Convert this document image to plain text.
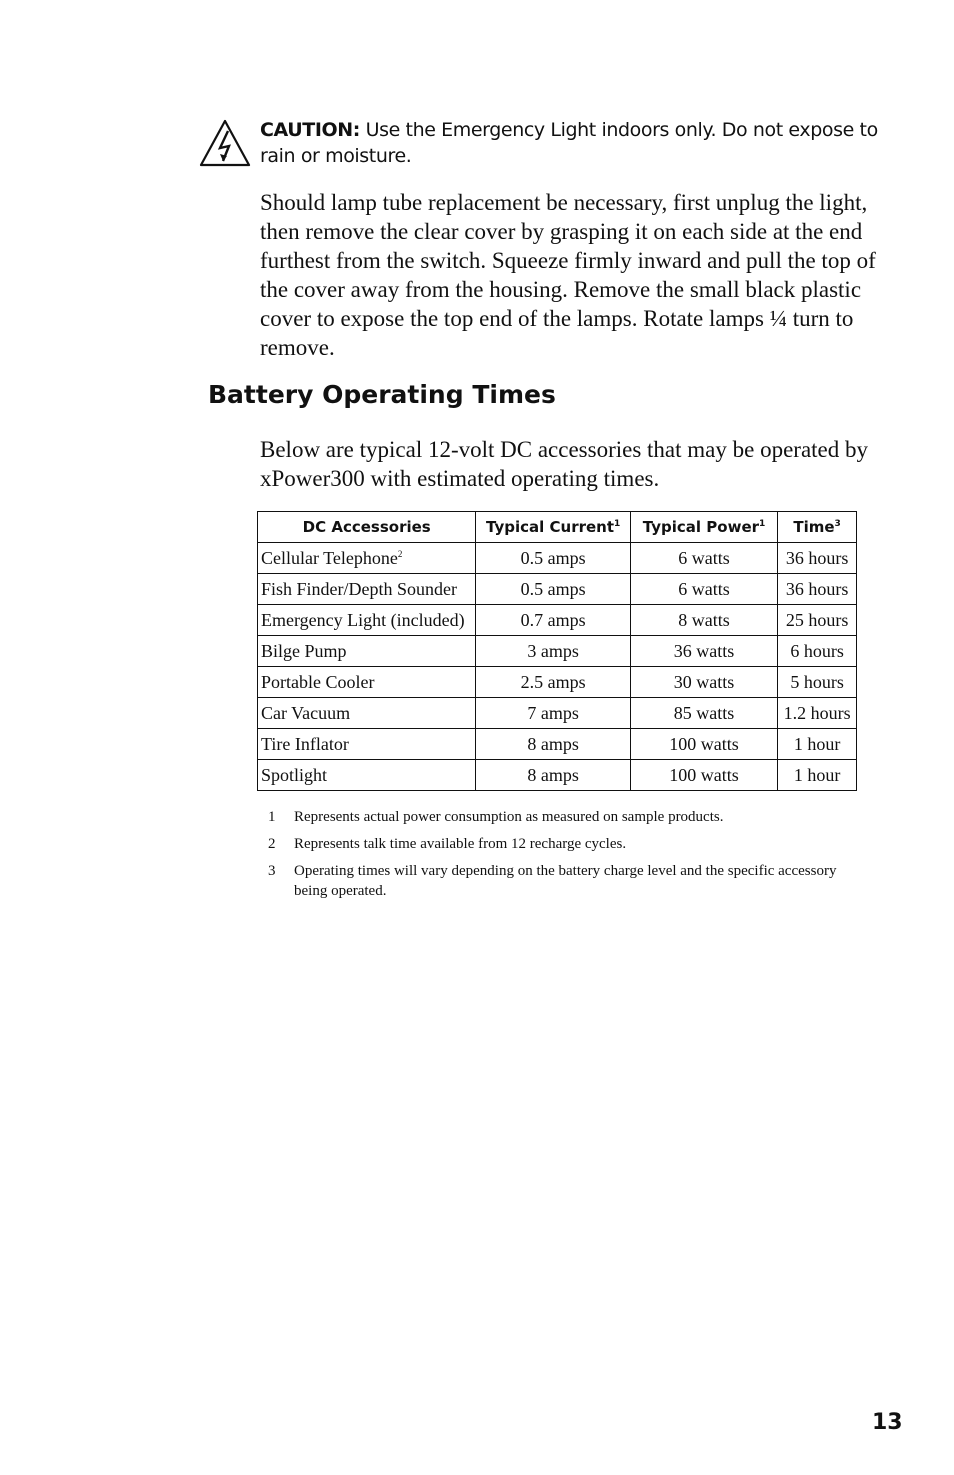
CAUTION: Use the Emergency Light indoors only. Do not expose to rain or moisture.

Should lamp tube replacement be necessary, first unplug the light, then remove the clear cover by grasping it on each side at the end furthest from the switch. Squeeze firmly inward and pull the top of the cover away from the housing. Remove the small black plastic cover to expose the top end of the lamps. Rotate lamps ¼ turn to remove.

Battery Operating Times

Below are typical 12-volt DC accessories that may be operated by xPower300 with estimated operating times.

DC Accessories	Typical Current$^1$	Typical Power$^1$	Time$^3$
Cellular Telephone$^2$	0.5 amps	6 watts	36 hours
Fish Finder/Depth Sounder	0.5 amps	6 watts	36 hours
Emergency Light (included)	0.7 amps	8 watts	25 hours
Bilge Pump	3 amps	36 watts	6 hours
Portable Cooler	2.5 amps	30 watts	5 hours
Car Vacuum	7 amps	85 watts	1.2 hours
Tire Inflator	8 amps	100 watts	1 hour
Spotlight	8 amps	100 watts	1 hour
1	Represents actual power consumption as measured on sample products.
2	Represents talk time available from 12 recharge cycles.
3	Operating times will vary depending on the battery charge level and the specific accessory being operated.
13
